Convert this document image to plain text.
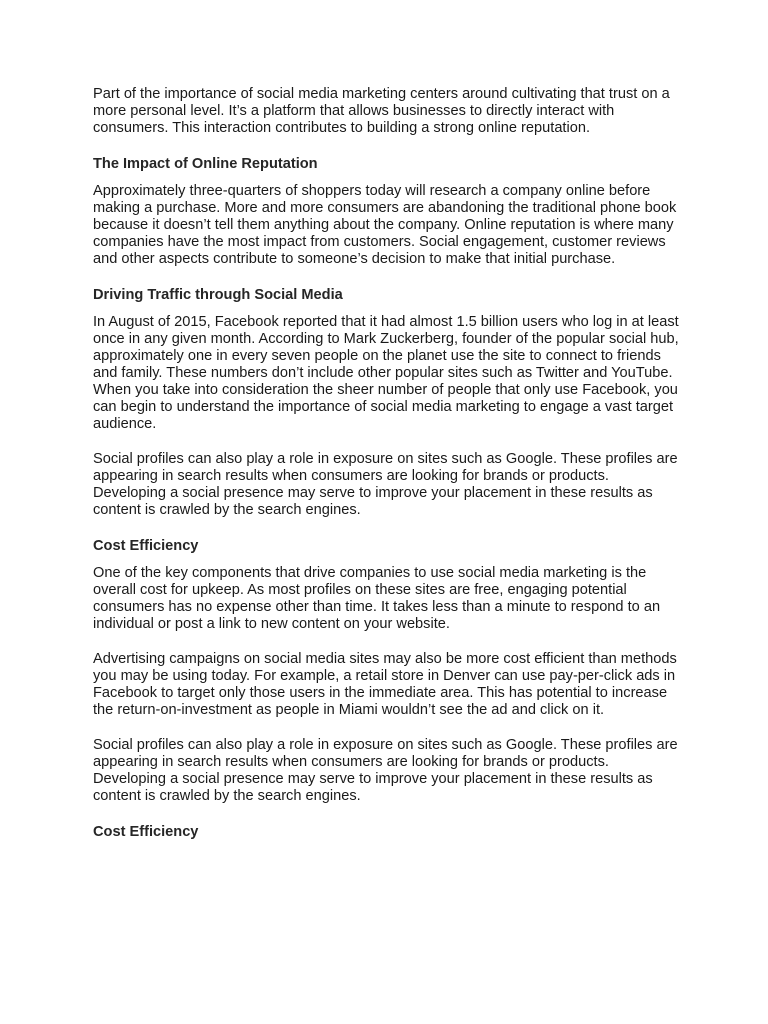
Part of the importance of social media marketing centers around cultivating that trust on a more personal level. It’s a platform that allows businesses to directly interact with consumers. This interaction contributes to building a strong online reputation.

The Impact of Online Reputation

Approximately three-quarters of shoppers today will research a company online before making a purchase. More and more consumers are abandoning the traditional phone book because it doesn’t tell them anything about the company. Online reputation is where many companies have the most impact from customers. Social engagement, customer reviews and other aspects contribute to someone’s decision to make that initial purchase.

Driving Traffic through Social Media

In August of 2015, Facebook reported that it had almost 1.5 billion users who log in at least once in any given month. According to Mark Zuckerberg, founder of the popular social hub, approximately one in every seven people on the planet use the site to connect to friends and family. These numbers don’t include other popular sites such as Twitter and YouTube. When you take into consideration the sheer number of people that only use Facebook, you can begin to understand the importance of social media marketing to engage a vast target audience.

Social profiles can also play a role in exposure on sites such as Google. These profiles are appearing in search results when consumers are looking for brands or products. Developing a social presence may serve to improve your placement in these results as content is crawled by the search engines.

Cost Efficiency

One of the key components that drive companies to use social media marketing is the overall cost for upkeep. As most profiles on these sites are free, engaging potential consumers has no expense other than time. It takes less than a minute to respond to an individual or post a link to new content on your website.

Advertising campaigns on social media sites may also be more cost efficient than methods you may be using today. For example, a retail store in Denver can use pay-per-click ads in Facebook to target only those users in the immediate area. This has potential to increase the return-on-investment as people in Miami wouldn’t see the ad and click on it.

Social profiles can also play a role in exposure on sites such as Google. These profiles are appearing in search results when consumers are looking for brands or products. Developing a social presence may serve to improve your placement in these results as content is crawled by the search engines.

Cost Efficiency
